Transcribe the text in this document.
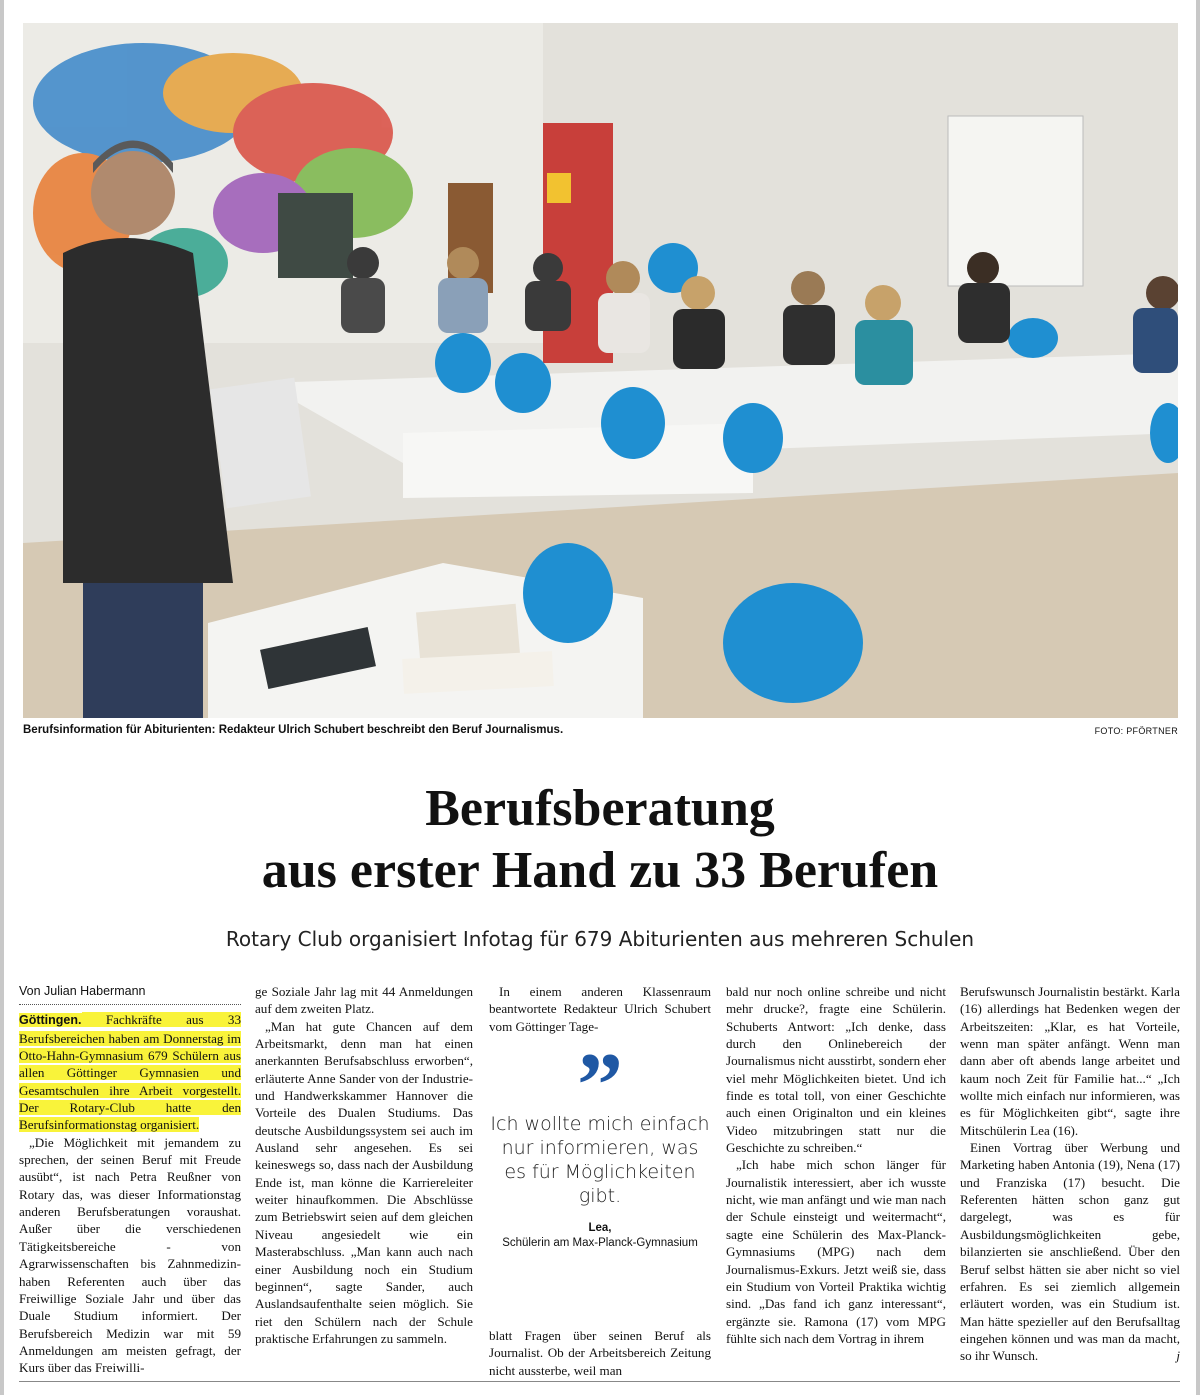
Berufsinformation für Abiturienten: Redakteur Ulrich Schubert beschreibt den Beruf Journalismus.	FOTO: PFÖRTNER
Berufsberatung
aus erster Hand zu 33 Berufen
Rotary Club organisiert Infotag für 679 Abiturienten aus mehreren Schulen
Von Julian Habermann

Göttingen. Fachkräfte aus 33 Berufsbereichen haben am Donnerstag im Otto-Hahn-Gymnasium 679 Schülern aus allen Göttinger Gymnasien und Gesamtschulen ihre Arbeit vorgestellt. Der Rotary-Club hatte den Berufsinformationstag organisiert.

„Die Möglichkeit mit jemandem zu sprechen, der seinen Beruf mit Freude ausübt“, ist nach Petra Reußner von Rotary das, was dieser Informationstag anderen Berufsberatungen voraushat. Außer über die verschiedenen Tätigkeitsbereiche - von Agrarwissenschaften bis Zahnmedizin- haben Referenten auch über das Freiwillige Soziale Jahr und über das Duale Studium informiert. Der Berufsbereich Medizin war mit 59 Anmeldungen am meisten gefragt, der Kurs über das Freiwilli-

ge Soziale Jahr lag mit 44 Anmeldungen auf dem zweiten Platz.

„Man hat gute Chancen auf dem Arbeitsmarkt, denn man hat einen anerkannten Berufsabschluss erworben“, erläuterte Anne Sander von der Industrie- und Handwerkskammer Hannover die Vorteile des Dualen Studiums. Das deutsche Ausbildungssystem sei auch im Ausland sehr angesehen. Es sei keineswegs so, dass nach der Ausbildung Ende ist, man könne die Karriereleiter weiter hinaufkommen. Die Abschlüsse zum Betriebswirt seien auf dem gleichen Niveau angesiedelt wie ein Masterabschluss. „Man kann auch nach einer Ausbildung noch ein Studium beginnen“, sagte Sander, auch Auslandsaufenthalte seien möglich. Sie riet den Schülern nach der Schule praktische Erfahrungen zu sammeln.

In einem anderen Klassenraum beantwortete Redakteur Ulrich Schubert vom Göttinger Tage-

”
Ich wollte mich einfach nur informieren, was es für Möglichkeiten gibt.
Lea,
Schülerin am Max-Planck-Gymnasium

blatt Fragen über seinen Beruf als Journalist. Ob der Arbeitsbereich Zeitung nicht aussterbe, weil man

bald nur noch online schreibe und nicht mehr drucke?, fragte eine Schülerin. Schuberts Antwort: „Ich denke, dass durch den Onlinebereich der Journalismus nicht ausstirbt, sondern eher viel mehr Möglichkeiten bietet. Und ich finde es total toll, von einer Geschichte auch einen Originalton und ein kleines Video mitzubringen statt nur die Geschichte zu schreiben.“

„Ich habe mich schon länger für Journalistik interessiert, aber ich wusste nicht, wie man anfängt und wie man nach der Schule einsteigt und weitermacht“, sagte eine Schülerin des Max-Planck-Gymnasiums (MPG) nach dem Journalismus-Exkurs. Jetzt weiß sie, dass ein Studium von Vorteil Praktika wichtig sind. „Das fand ich ganz interessant“, ergänzte sie. Ramona (17) vom MPG fühlte sich nach dem Vortrag in ihrem

Berufswunsch Journalistin bestärkt. Karla (16) allerdings hat Bedenken wegen der Arbeitszeiten: „Klar, es hat Vorteile, wenn man später anfängt. Wenn man dann aber oft abends lange arbeitet und kaum noch Zeit für Familie hat...“ „Ich wollte mich einfach nur informieren, was es für Möglichkeiten gibt“, sagte ihre Mitschülerin Lea (16).

Einen Vortrag über Werbung und Marketing haben Antonia (19), Nena (17) und Franziska (17) besucht. Die Referenten hätten schon ganz gut dargelegt, was es für Ausbildungsmöglichkeiten gebe, bilanzierten sie anschließend. Über den Beruf selbst hätten sie aber nicht so viel erfahren. Es sei ziemlich allgemein erläutert worden, was ein Studium ist. Man hätte spezieller auf den Berufsalltag eingehen können und was man da macht, so ihr Wunsch.	j
